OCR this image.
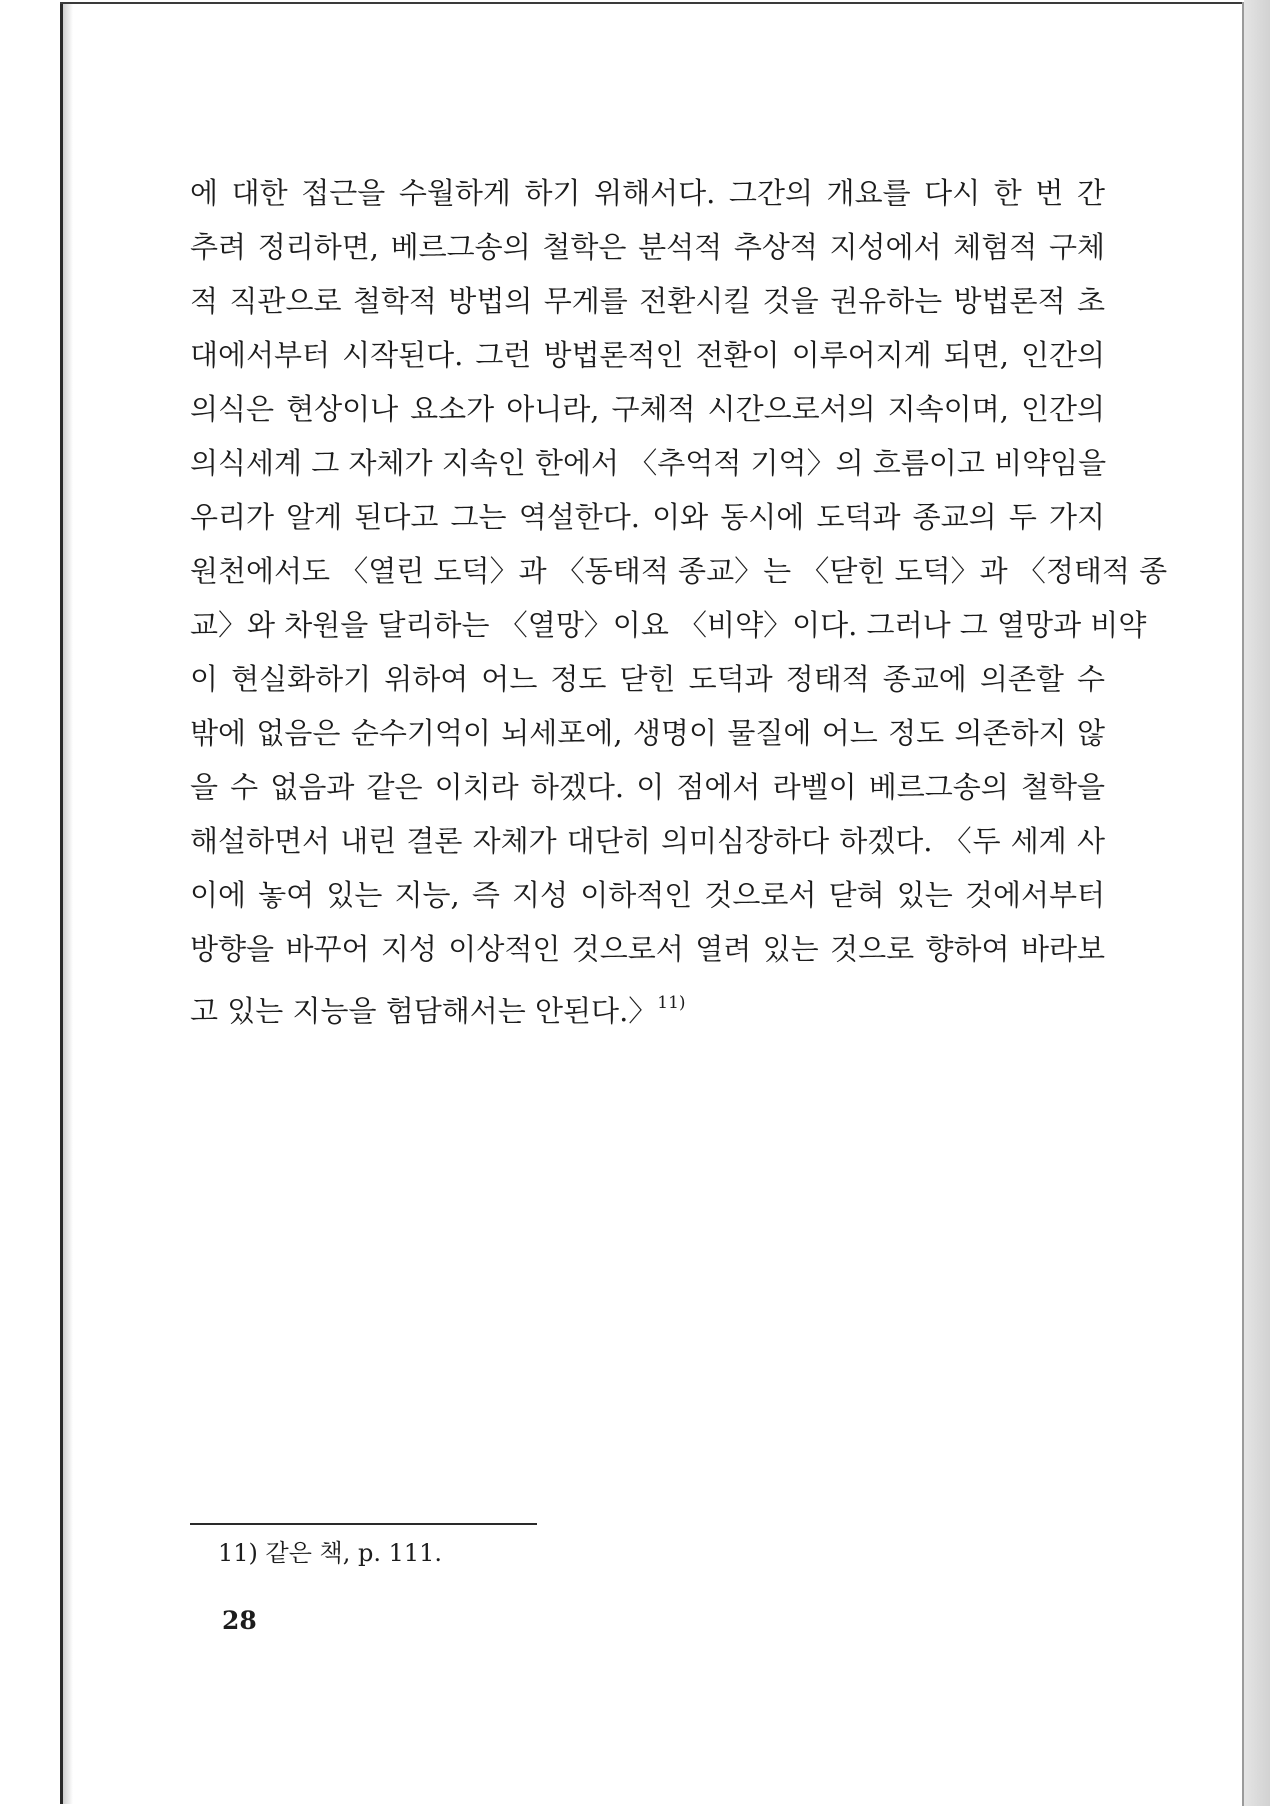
에 대한 접근을 수월하게 하기 위해서다. 그간의 개요를 다시 한 번 간
추려 정리하면, 베르그송의 철학은 분석적 추상적 지성에서 체험적 구체
적 직관으로 철학적 방법의 무게를 전환시킬 것을 권유하는 방법론적 초
대에서부터 시작된다. 그런 방법론적인 전환이 이루어지게 되면, 인간의
의식은 현상이나 요소가 아니라, 구체적 시간으로서의 지속이며, 인간의
의식세계 그 자체가 지속인 한에서 〈추억적 기억〉의 흐름이고 비약임을
우리가 알게 된다고 그는 역설한다. 이와 동시에 도덕과 종교의 두 가지
원천에서도 〈열린 도덕〉과 〈동태적 종교〉는 〈닫힌 도덕〉과 〈정태적 종
교〉와 차원을 달리하는 〈열망〉이요 〈비약〉이다. 그러나 그 열망과 비약
이 현실화하기 위하여 어느 정도 닫힌 도덕과 정태적 종교에 의존할 수
밖에 없음은 순수기억이 뇌세포에, 생명이 물질에 어느 정도 의존하지 않
을 수 없음과 같은 이치라 하겠다. 이 점에서 라벨이 베르그송의 철학을
해설하면서 내린 결론 자체가 대단히 의미심장하다 하겠다. 〈두 세계 사
이에 놓여 있는 지능, 즉 지성 이하적인 것으로서 닫혀 있는 것에서부터
방향을 바꾸어 지성 이상적인 것으로서 열려 있는 것으로 향하여 바라보
고 있는 지능을 험담해서는 안된다.〉$^{11)}$
11) 같은 책, p. 111.
28
